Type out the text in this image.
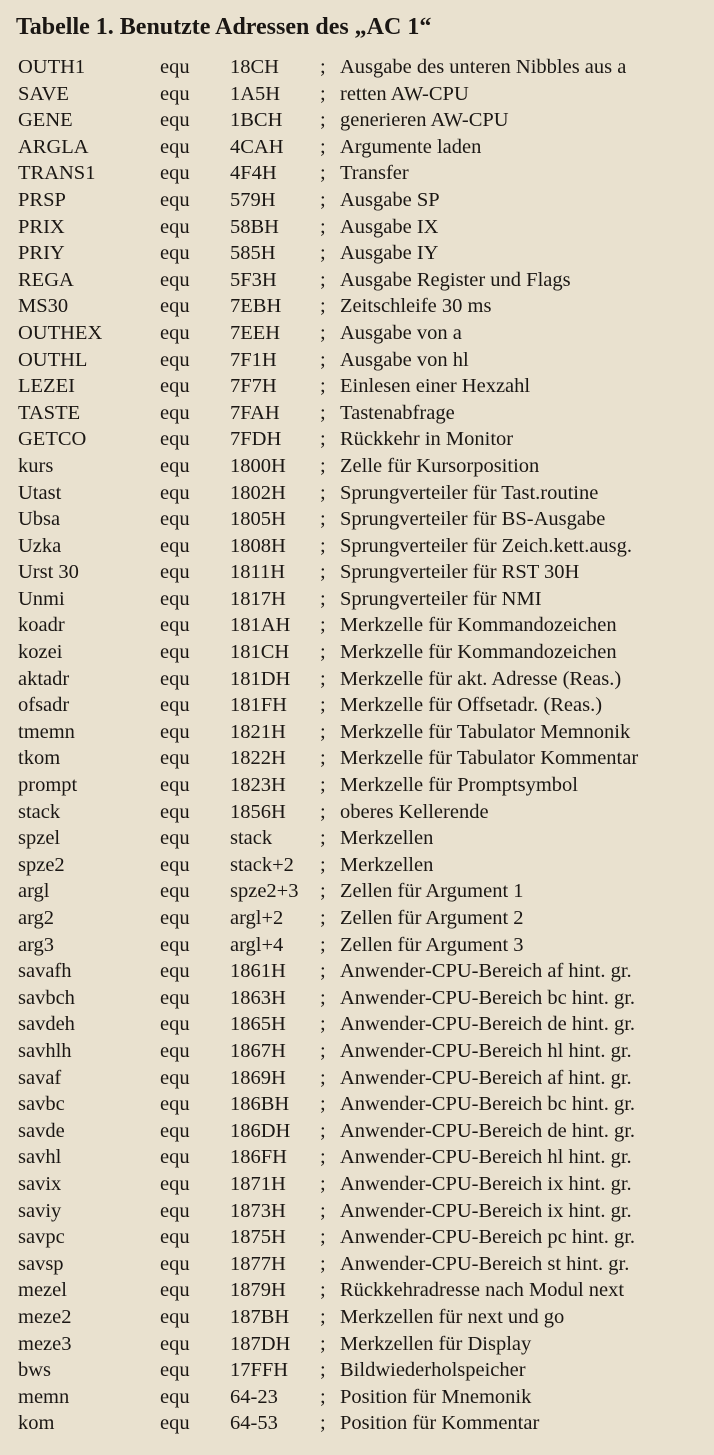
Tabelle 1. Benutzte Adressen des „AC 1“
OUTH1	equ 18CH ; Ausgabe des unteren Nibbles aus a
SAVE	equ 1A5H ; retten AW-CPU
GENE	equ 1BCH ; generieren AW-CPU
ARGLA	equ 4CAH ; Argumente laden
TRANS1	equ 4F4H ; Transfer
PRSP	equ 579H ; Ausgabe SP
PRIX	equ 58BH ; Ausgabe IX
PRIY	equ 585H ; Ausgabe IY
REGA	equ 5F3H ; Ausgabe Register und Flags
MS30	equ 7EBH ; Zeitschleife 30 ms
OUTHEX	equ 7EEH ; Ausgabe von a
OUTHL	equ 7F1H ; Ausgabe von hl
LEZEI	equ 7F7H ; Einlesen einer Hexzahl
TASTE	equ 7FAH ; Tastenabfrage
GETCO	equ 7FDH ; Rückkehr in Monitor
kurs	equ 1800H ; Zelle für Kursorposition
Utast	equ 1802H ; Sprungverteiler für Tast.routine
Ubsa	equ 1805H ; Sprungverteiler für BS-Ausgabe
Uzka	equ 1808H ; Sprungverteiler für Zeich.kett.ausg.
Urst 30	equ 1811H ; Sprungverteiler für RST 30H
Unmi	equ 1817H ; Sprungverteiler für NMI
koadr	equ 181AH ; Merkzelle für Kommandozeichen
kozei	equ 181CH ; Merkzelle für Kommandozeichen
aktadr	equ 181DH ; Merkzelle für akt. Adresse (Reas.)
ofsadr	equ 181FH ; Merkzelle für Offsetadr. (Reas.)
tmemn	equ 1821H ; Merkzelle für Tabulator Memnonik
tkom	equ 1822H ; Merkzelle für Tabulator Kommentar
prompt	equ 1823H ; Merkzelle für Promptsymbol
stack	equ 1856H ; oberes Kellerende
spzel	equ stack ; Merkzellen
spze2	equ stack+2 ; Merkzellen
argl	equ spze2+3 ; Zellen für Argument 1
arg2	equ argl+2 ; Zellen für Argument 2
arg3	equ argl+4 ; Zellen für Argument 3
savafh	equ 1861H ; Anwender-CPU-Bereich af hint. gr.
savbch	equ 1863H ; Anwender-CPU-Bereich bc hint. gr.
savdeh	equ 1865H ; Anwender-CPU-Bereich de hint. gr.
savhlh	equ 1867H ; Anwender-CPU-Bereich hl hint. gr.
savaf	equ 1869H ; Anwender-CPU-Bereich af hint. gr.
savbc	equ 186BH ; Anwender-CPU-Bereich bc hint. gr.
savde	equ 186DH ; Anwender-CPU-Bereich de hint. gr.
savhl	equ 186FH ; Anwender-CPU-Bereich hl hint. gr.
savix	equ 1871H ; Anwender-CPU-Bereich ix hint. gr.
saviy	equ 1873H ; Anwender-CPU-Bereich ix hint. gr.
savpc	equ 1875H ; Anwender-CPU-Bereich pc hint. gr.
savsp	equ 1877H ; Anwender-CPU-Bereich st hint. gr.
mezel	equ 1879H ; Rückkehradresse nach Modul next
meze2	equ 187BH ; Merkzellen für next und go
meze3	equ 187DH ; Merkzellen für Display
bws	equ 17FFH ; Bildwiederholspeicher
memn	equ 64-23 ; Position für Mnemonik
kom	equ 64-53 ; Position für Kommentar
